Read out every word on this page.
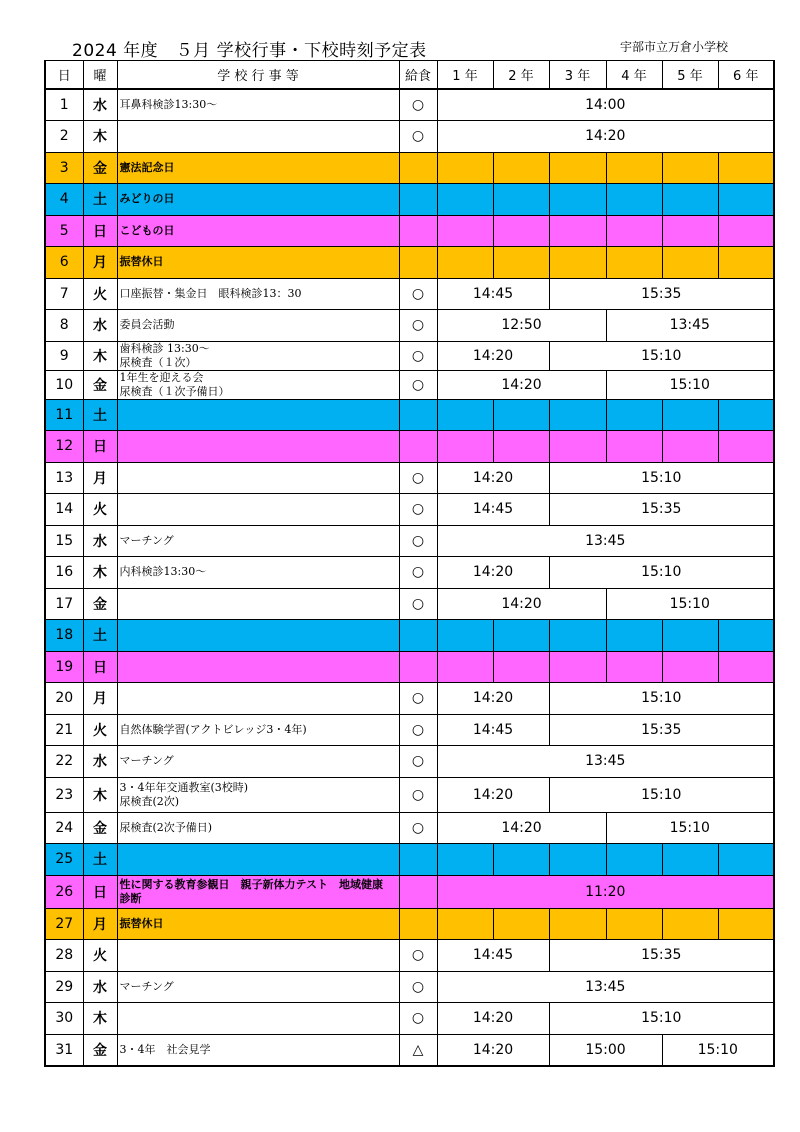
2024 年度　５月 学校行事・下校時刻予定表	宇部市立万倉小学校
日	曜	学 校 行 事 等	給食	1 年	2 年	3 年	4 年	5 年	6 年
1	水	耳鼻科検診13:30〜	○	14:00					
2	木		○	14:20					
3	金	憲法記念日							

4	土	みどりの日							

5	日	こどもの日							

6	月	振替休日							

7	火	口座振替・集金日　眼科検診13：30	○	14:45		15:35			
8	水	委員会活動	○	12:50			13:45		
9	木	歯科検診 13:30〜
尿検査（１次）	○	14:20		15:10			
10	金	1年生を迎える会
尿検査（１次予備日）	○	14:20			15:10		
11	土								
12	日								
13	月		○	14:20		15:10			
14	火		○	14:45		15:35			
15	水	マーチング	○	13:45					
16	木	内科検診13:30〜	○	14:20		15:10			
17	金		○	14:20			15:10		
18	土								
19	日								
20	月		○	14:20		15:10			
21	火	自然体験学習(アクトビレッジ3・4年)	○	14:45		15:35			
22	水	マーチング	○	13:45					
23	木	3・4年年交通教室(3校時)
尿検査(2次)	○	14:20		15:10			
24	金	尿検査(2次予備日)	○	14:20			15:10		
25	土								
26	日	性に関する教育参観日　親子新体力テスト　地域健康
診断		11:20					
27	月	振替休日							

28	火		○	14:45		15:35			
29	水	マーチング	○	13:45					
30	木		○	14:20		15:10			
31	金	3・4年　社会見学	△	14:20		15:00		15:10	
